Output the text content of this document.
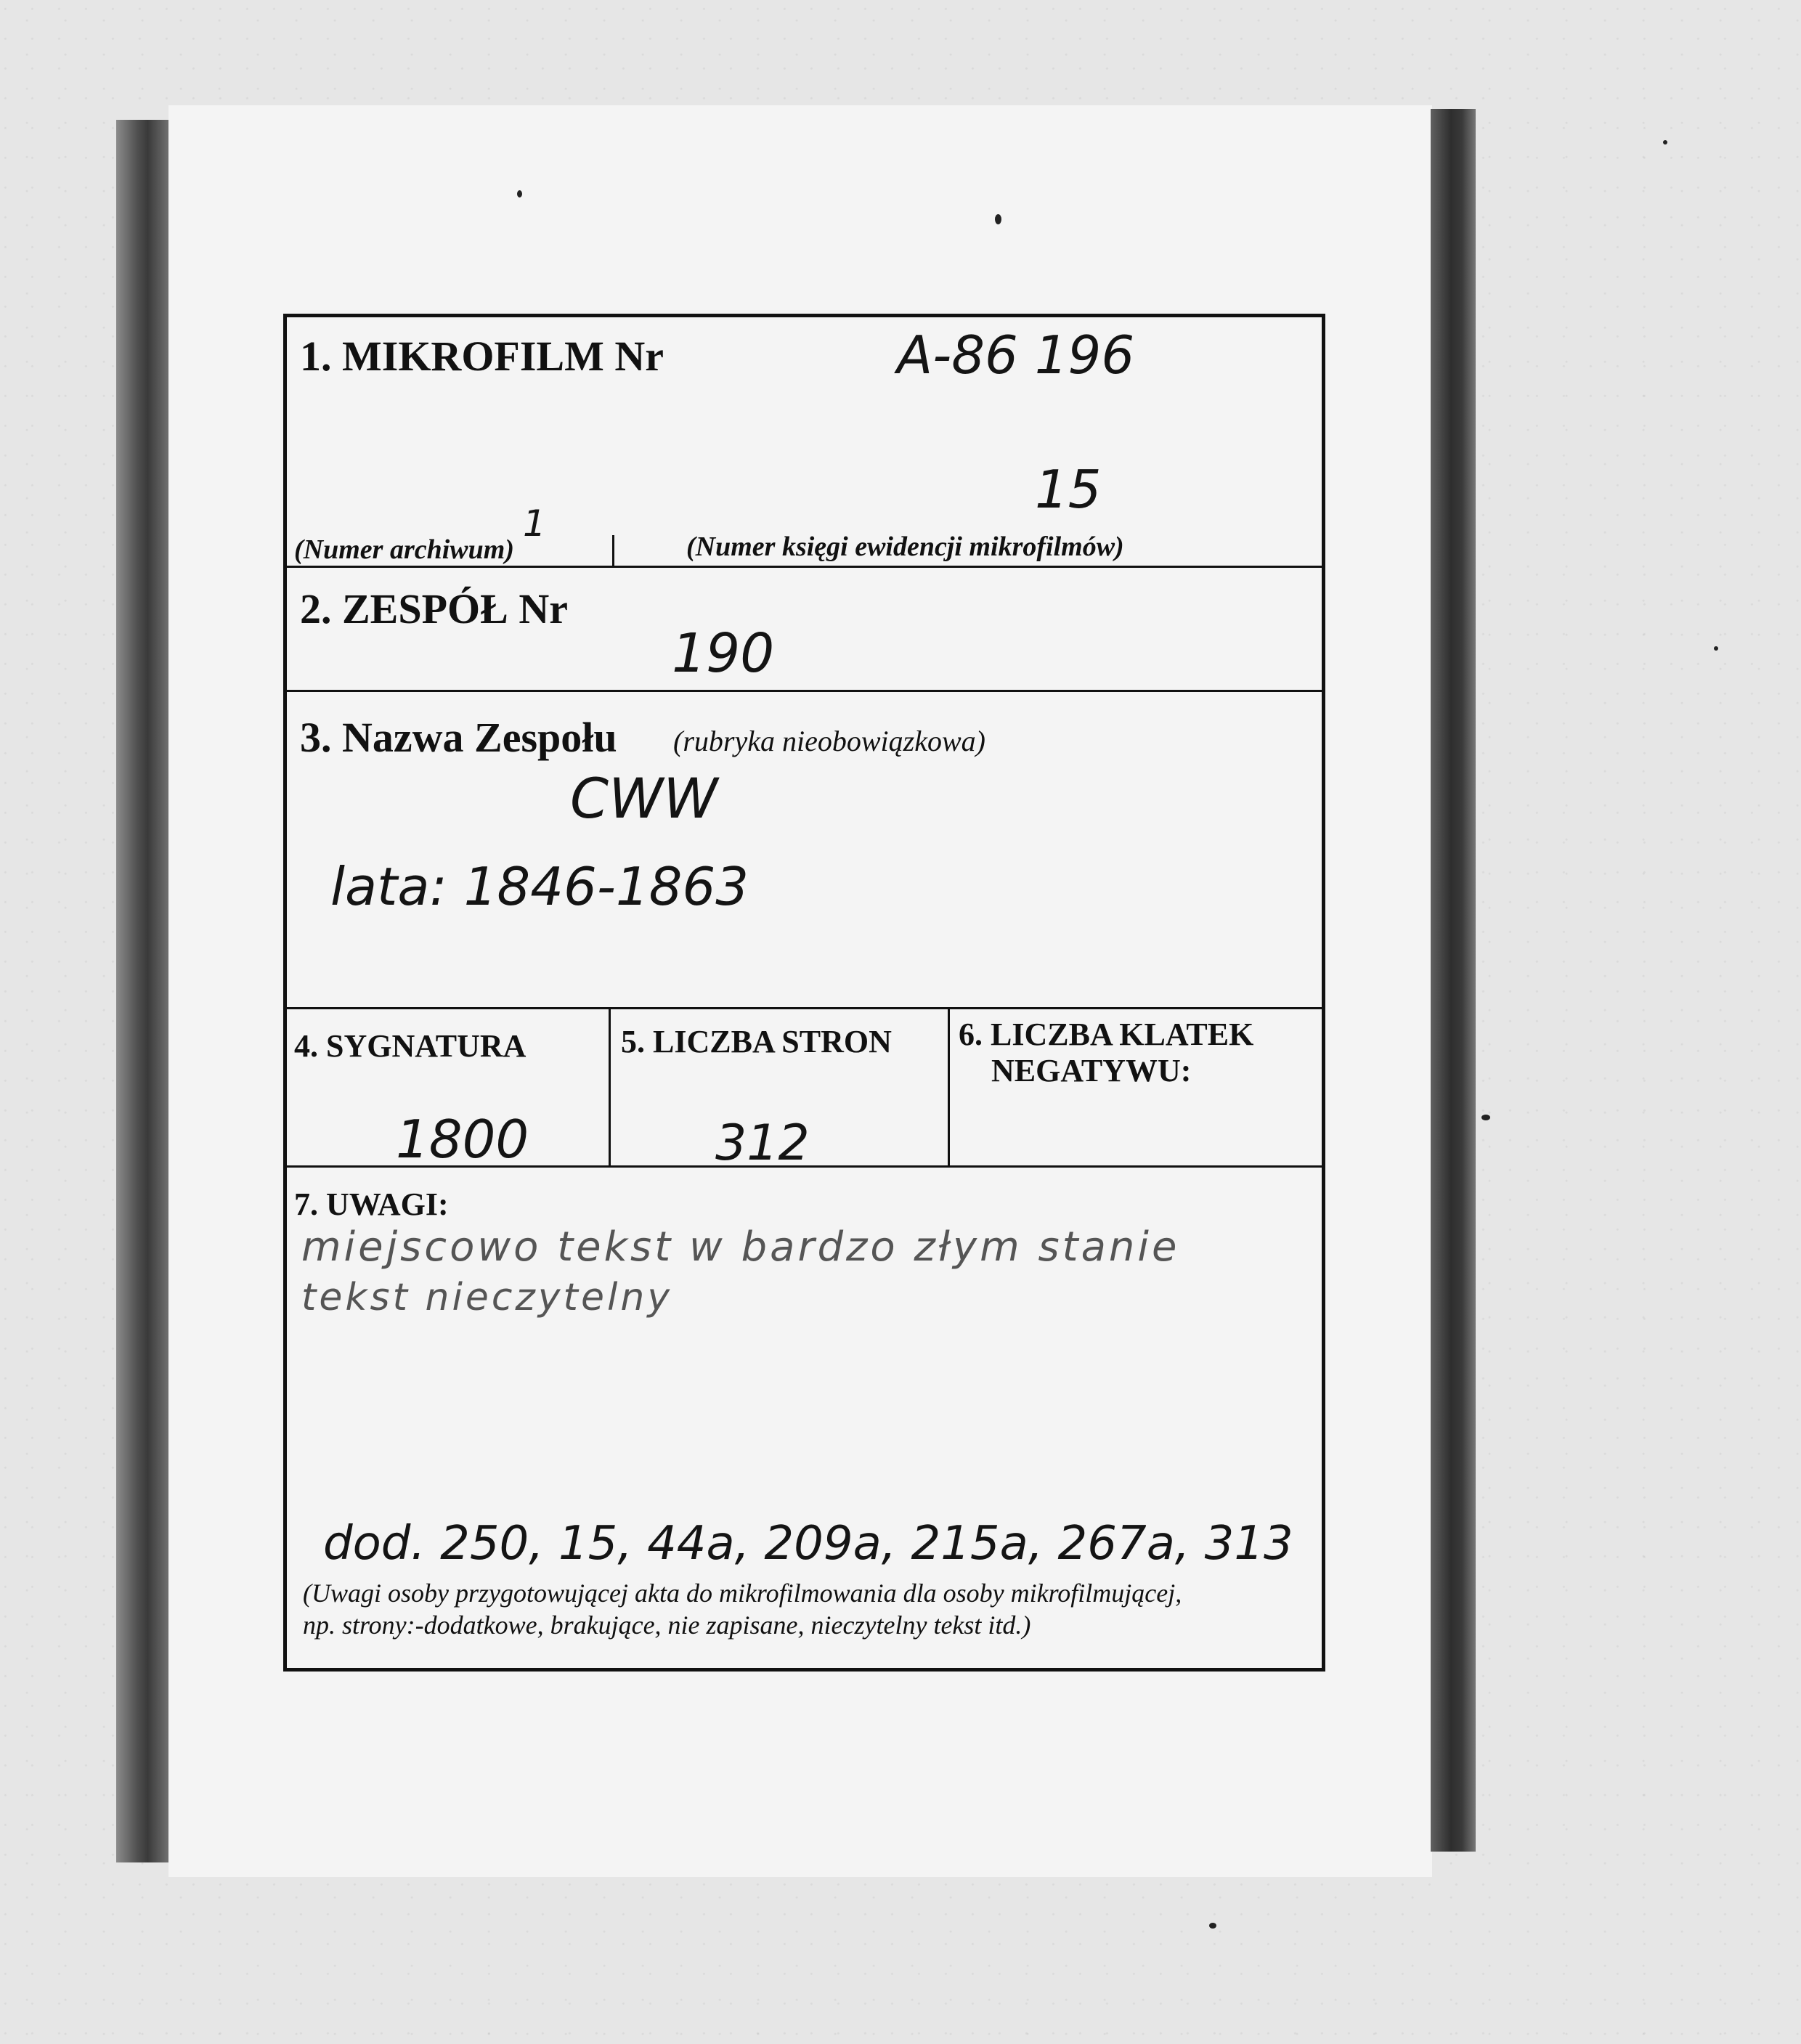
1. MIKROFILM Nr	A-86 196
1
15
(Numer archiwum)	(Numer księgi ewidencji mikrofilmów)
2. ZESPÓŁ Nr
190
3. Nazwa Zespołu (rubryka nieobowiązkowa)
CWW
lata: 1846-1863
4. SYGNATURA
1800
5. LICZBA STRON
312
6. LICZBA KLATEK
NEGATYWU:
7. UWAGI:
miejscowo tekst w bardzo złym stanie
tekst nieczytelny
dod. 250, 15, 44a, 209a, 215a, 267a, 313
(Uwagi osoby przygotowującej akta do mikrofilmowania dla osoby mikrofilmującej,
np. strony:-dodatkowe, brakujące, nie zapisane, nieczytelny tekst itd.)
